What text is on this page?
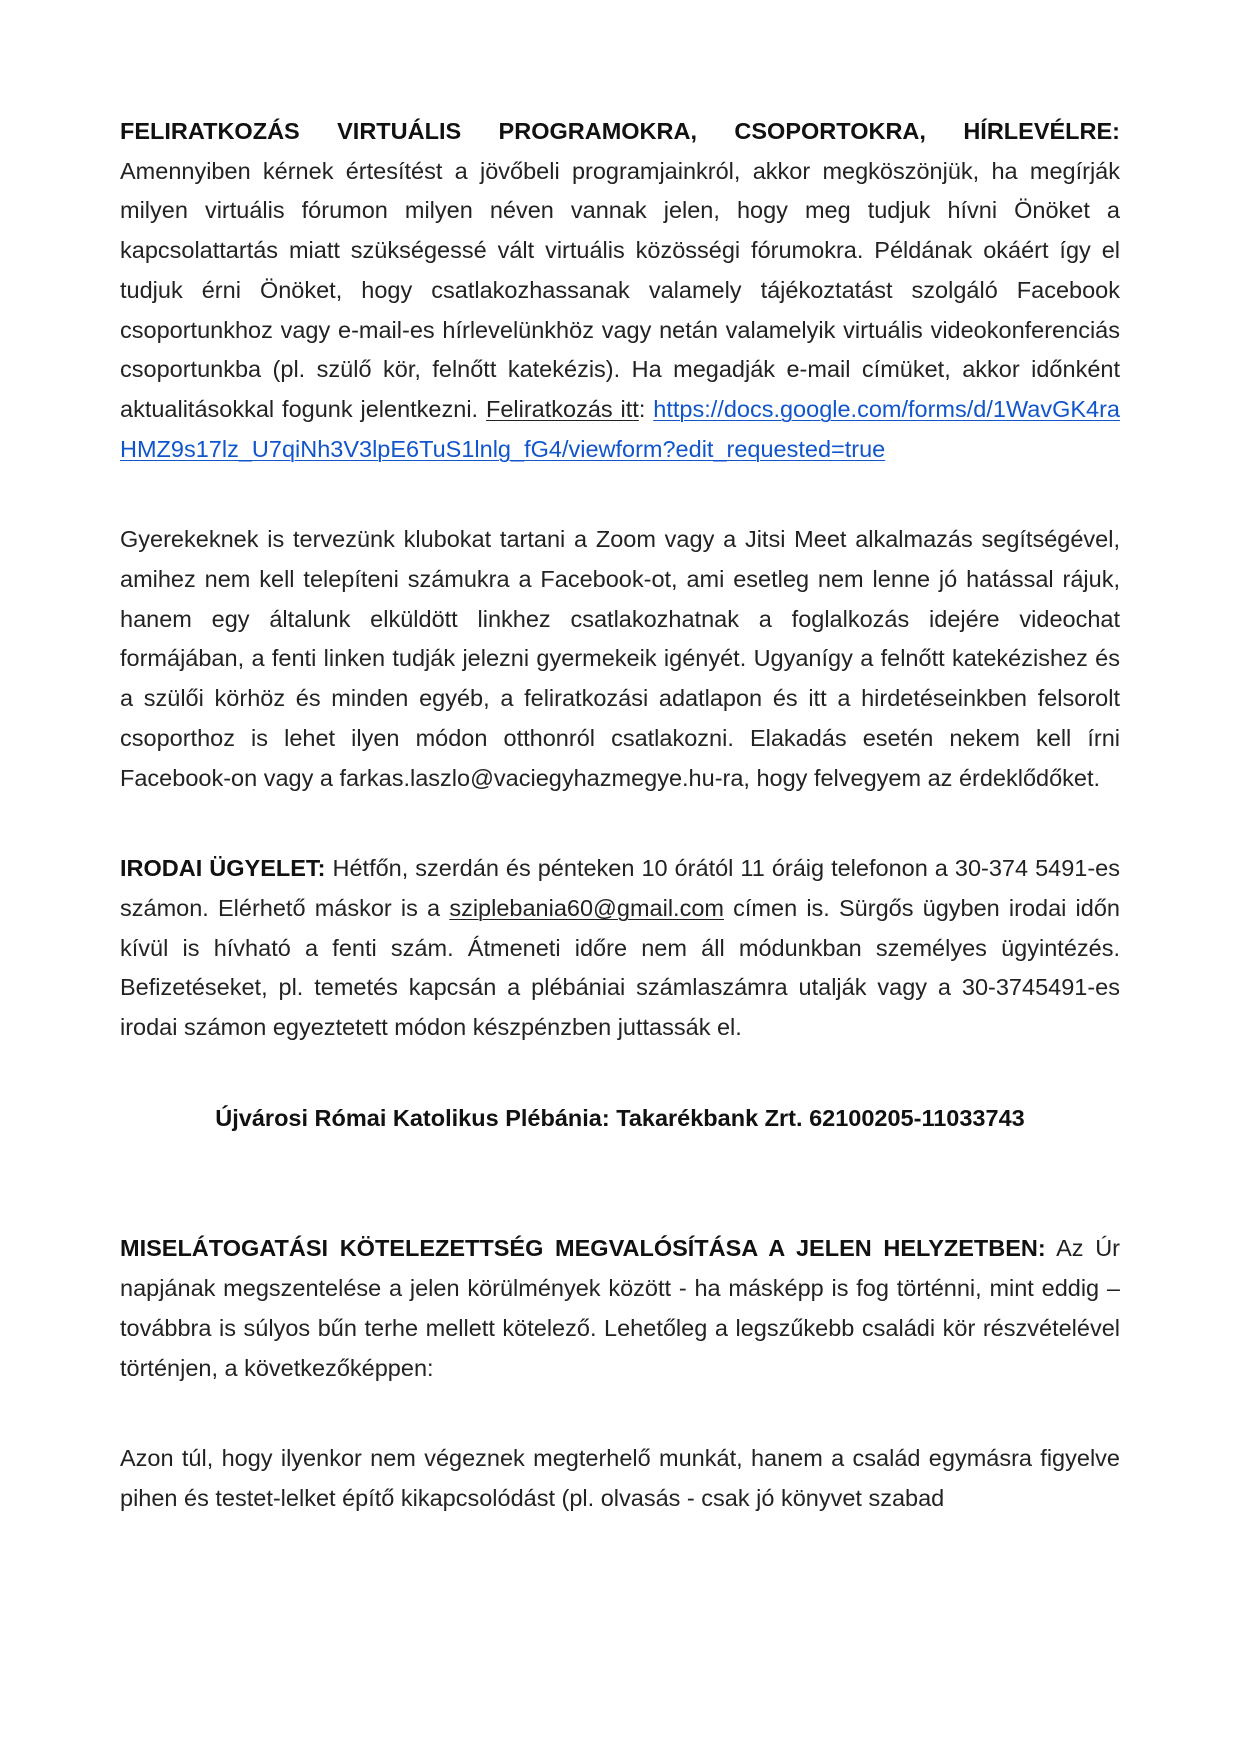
FELIRATKOZÁS VIRTUÁLIS PROGRAMOKRA, CSOPORTOKRA, HÍRLEVÉLRE: Amennyiben kérnek értesítést a jövőbeli programjainkról, akkor megköszönjük, ha megírják milyen virtuális fórumon milyen néven vannak jelen, hogy meg tudjuk hívni Önöket a kapcsolattartás miatt szükségessé vált virtuális közösségi fórumokra. Példának okáért így el tudjuk érni Önöket, hogy csatlakozhassanak valamely tájékoztatást szolgáló Facebook csoportunkhoz vagy e-mail-es hírlevelünkhöz vagy netán valamelyik virtuális videokonferenciás csoportunkba (pl. szülő kör, felnőtt katekézis). Ha megadják e-mail címüket, akkor időnként aktualitásokkal fogunk jelentkezni. Feliratkozás itt: https://docs.google.com/forms/d/1WavGK4raHMZ9s17lz_U7qiNh3V3lpE6TuS1lnlg_fG4/viewform?edit_requested=true

Gyerekeknek is tervezünk klubokat tartani a Zoom vagy a Jitsi Meet alkalmazás segítségével, amihez nem kell telepíteni számukra a Facebook-ot, ami esetleg nem lenne jó hatással rájuk, hanem egy általunk elküldött linkhez csatlakozhatnak a foglalkozás idejére videochat formájában, a fenti linken tudják jelezni gyermekeik igényét. Ugyanígy a felnőtt katekézishez és a szülői körhöz és minden egyéb, a feliratkozási adatlapon és itt a hirdetéseinkben felsorolt csoporthoz is lehet ilyen módon otthonról csatlakozni. Elakadás esetén nekem kell írni Facebook-on vagy a farkas.laszlo@vaciegyhazmegye.hu-ra, hogy felvegyem az érdeklődőket.

IRODAI ÜGYELET: Hétfőn, szerdán és pénteken 10 órától 11 óráig telefonon a 30-374 5491-es számon. Elérhető máskor is a sziplebania60@gmail.com címen is. Sürgős ügyben irodai időn kívül is hívható a fenti szám. Átmeneti időre nem áll módunkban személyes ügyintézés. Befizetéseket, pl. temetés kapcsán a plébániai számlaszámra utalják vagy a 30-3745491-es irodai számon egyeztetett módon készpénzben juttassák el.

Újvárosi Római Katolikus Plébánia: Takarékbank Zrt. 62100205-11033743

MISELÁTOGATÁSI KÖTELEZETTSÉG MEGVALÓSÍTÁSA A JELEN HELYZETBEN: Az Úr napjának megszentelése a jelen körülmények között - ha másképp is fog történni, mint eddig – továbbra is súlyos bűn terhe mellett kötelező. Lehetőleg a legszűkebb családi kör részvételével történjen, a következőképpen:

Azon túl, hogy ilyenkor nem végeznek megterhelő munkát, hanem a család egymásra figyelve pihen és testet-lelket építő kikapcsolódást (pl. olvasás - csak jó könyvet szabad
